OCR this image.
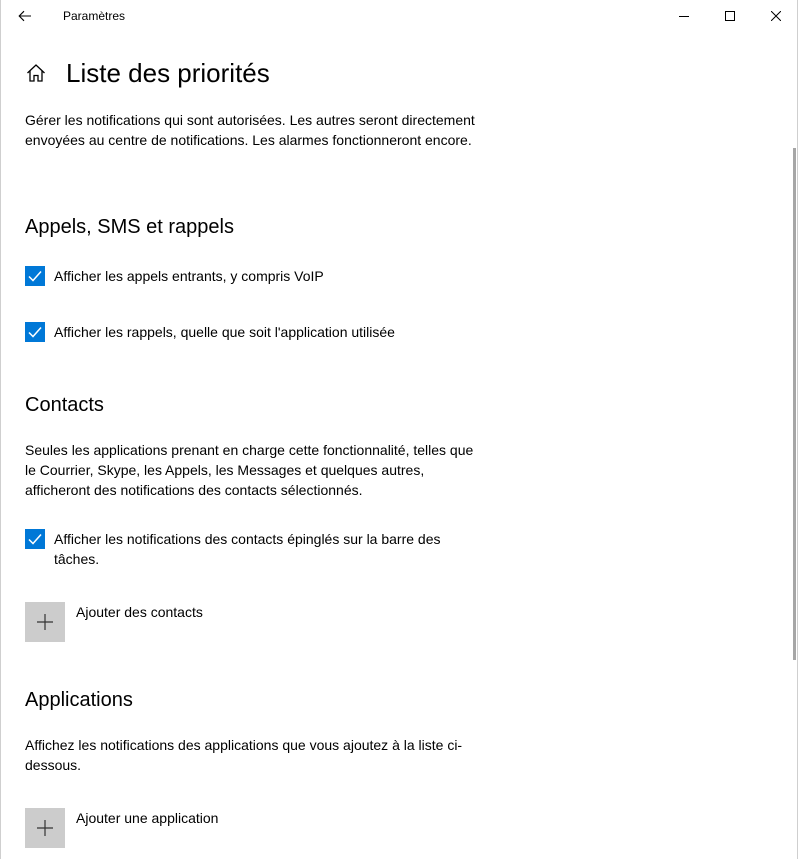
Paramètres
Liste des priorités
Gérer les notifications qui sont autorisées. Les autres seront directement envoyées au centre de notifications. Les alarmes fonctionneront encore.
Appels, SMS et rappels
Afficher les appels entrants, y compris VoIP
Afficher les rappels, quelle que soit l'application utilisée
Contacts
Seules les applications prenant en charge cette fonctionnalité, telles que le Courrier, Skype, les Appels, les Messages et quelques autres, afficheront des notifications des contacts sélectionnés.
Afficher les notifications des contacts épinglés sur la barre des tâches.
Ajouter des contacts
Applications
Affichez les notifications des applications que vous ajoutez à la liste ci-dessous.
Ajouter une application
